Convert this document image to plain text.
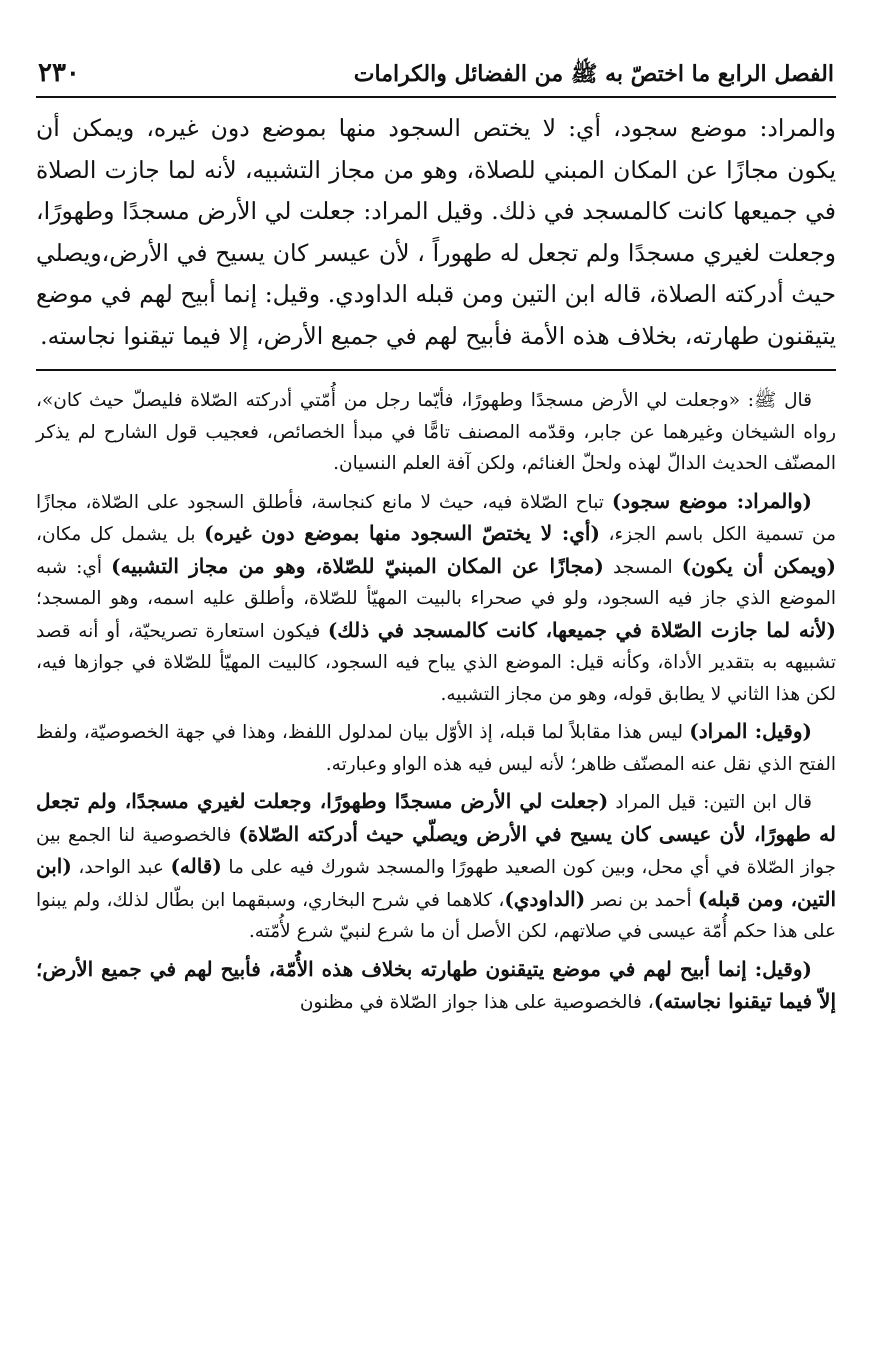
الفصل الرابع ما اختصّ به ﷺ من الفضائل والكرامات
٢٣٠
والمراد: موضع سجود، أي: لا يختص السجود منها بموضع دون غيره، ويمكن أن يكون مجازًا عن المكان المبني للصلاة، وهو من مجاز التشبيه، لأنه لما جازت الصلاة في جميعها كانت كالمسجد في ذلك. وقيل المراد: جعلت لي الأرض مسجدًا وطهورًا، وجعلت لغيري مسجدًا ولم تجعل له طهوراً ، لأن عيسر كان يسيح في الأرض،ويصلي حيث أدركته الصلاة، قاله ابن التين ومن قبله الداودي. وقيل: إنما أبيح لهم في موضع يتيقنون طهارته، بخلاف هذه الأمة فأبيح لهم في جميع الأرض، إلا فيما تيقنوا نجاسته.

قال ﷺ: «وجعلت لي الأرض مسجدًا وطهورًا، فأيّما رجل من أُمّتي أدركته الصّلاة فليصلّ حيث كان»، رواه الشيخان وغيرهما عن جابر، وقدّمه المصنف تامًّا في مبدأ الخصائص، فعجيب قول الشارح لم يذكر المصنّف الحديث الدالّ لهذه ولحلّ الغنائم، ولكن آفة العلم النسيان.

(والمراد: موضع سجود) تباح الصّلاة فيه، حيث لا مانع كنجاسة، فأطلق السجود على الصّلاة، مجازًا من تسمية الكل باسم الجزء، (أي: لا يختصّ السجود منها بموضع دون غيره) بل يشمل كل مكان، (ويمكن أن يكون) المسجد (مجازًا عن المكان المبنيّ للصّلاة، وهو من مجاز التشبيه) أي: شبه الموضع الذي جاز فيه السجود، ولو في صحراء بالبيت المهيّأ للصّلاة، وأطلق عليه اسمه، وهو المسجد؛ (لأنه لما جازت الصّلاة في جميعها، كانت كالمسجد في ذلك) فيكون استعارة تصريحيّة، أو أنه قصد تشبيهه به بتقدير الأداة، وكأنه قيل: الموضع الذي يباح فيه السجود، كالبيت المهيّأ للصّلاة في جوازها فيه، لكن هذا الثاني لا يطابق قوله، وهو من مجاز التشبيه.

(وقيل: المراد) ليس هذا مقابلاً لما قبله، إذ الأوّل بيان لمدلول اللفظ، وهذا في جهة الخصوصيّة، ولفظ الفتح الذي نقل عنه المصنّف ظاهر؛ لأنه ليس فيه هذه الواو وعبارته.

قال ابن التين: قيل المراد (جعلت لي الأرض مسجدًا وطهورًا، وجعلت لغيري مسجدًا، ولم تجعل له طهورًا، لأن عيسى كان يسيح في الأرض ويصلّي حيث أدركته الصّلاة) فالخصوصية لنا الجمع بين جواز الصّلاة في أي محل، وبين كون الصعيد طهورًا والمسجد شورك فيه على ما (قاله) عبد الواحد، (ابن التين، ومن قبله) أحمد بن نصر (الداودي)، كلاهما في شرح البخاري، وسبقهما ابن بطّال لذلك، ولم يبنوا على هذا حكم أُمّة عيسى في صلاتهم، لكن الأصل أن ما شرع لنبيّ شرع لأُمّته.

(وقيل: إنما أبيح لهم في موضع يتيقنون طهارته بخلاف هذه الأُمّة، فأبيح لهم في جميع الأرض؛ إلاّ فيما تيقنوا نجاسته)، فالخصوصية على هذا جواز الصّلاة في مظنون
